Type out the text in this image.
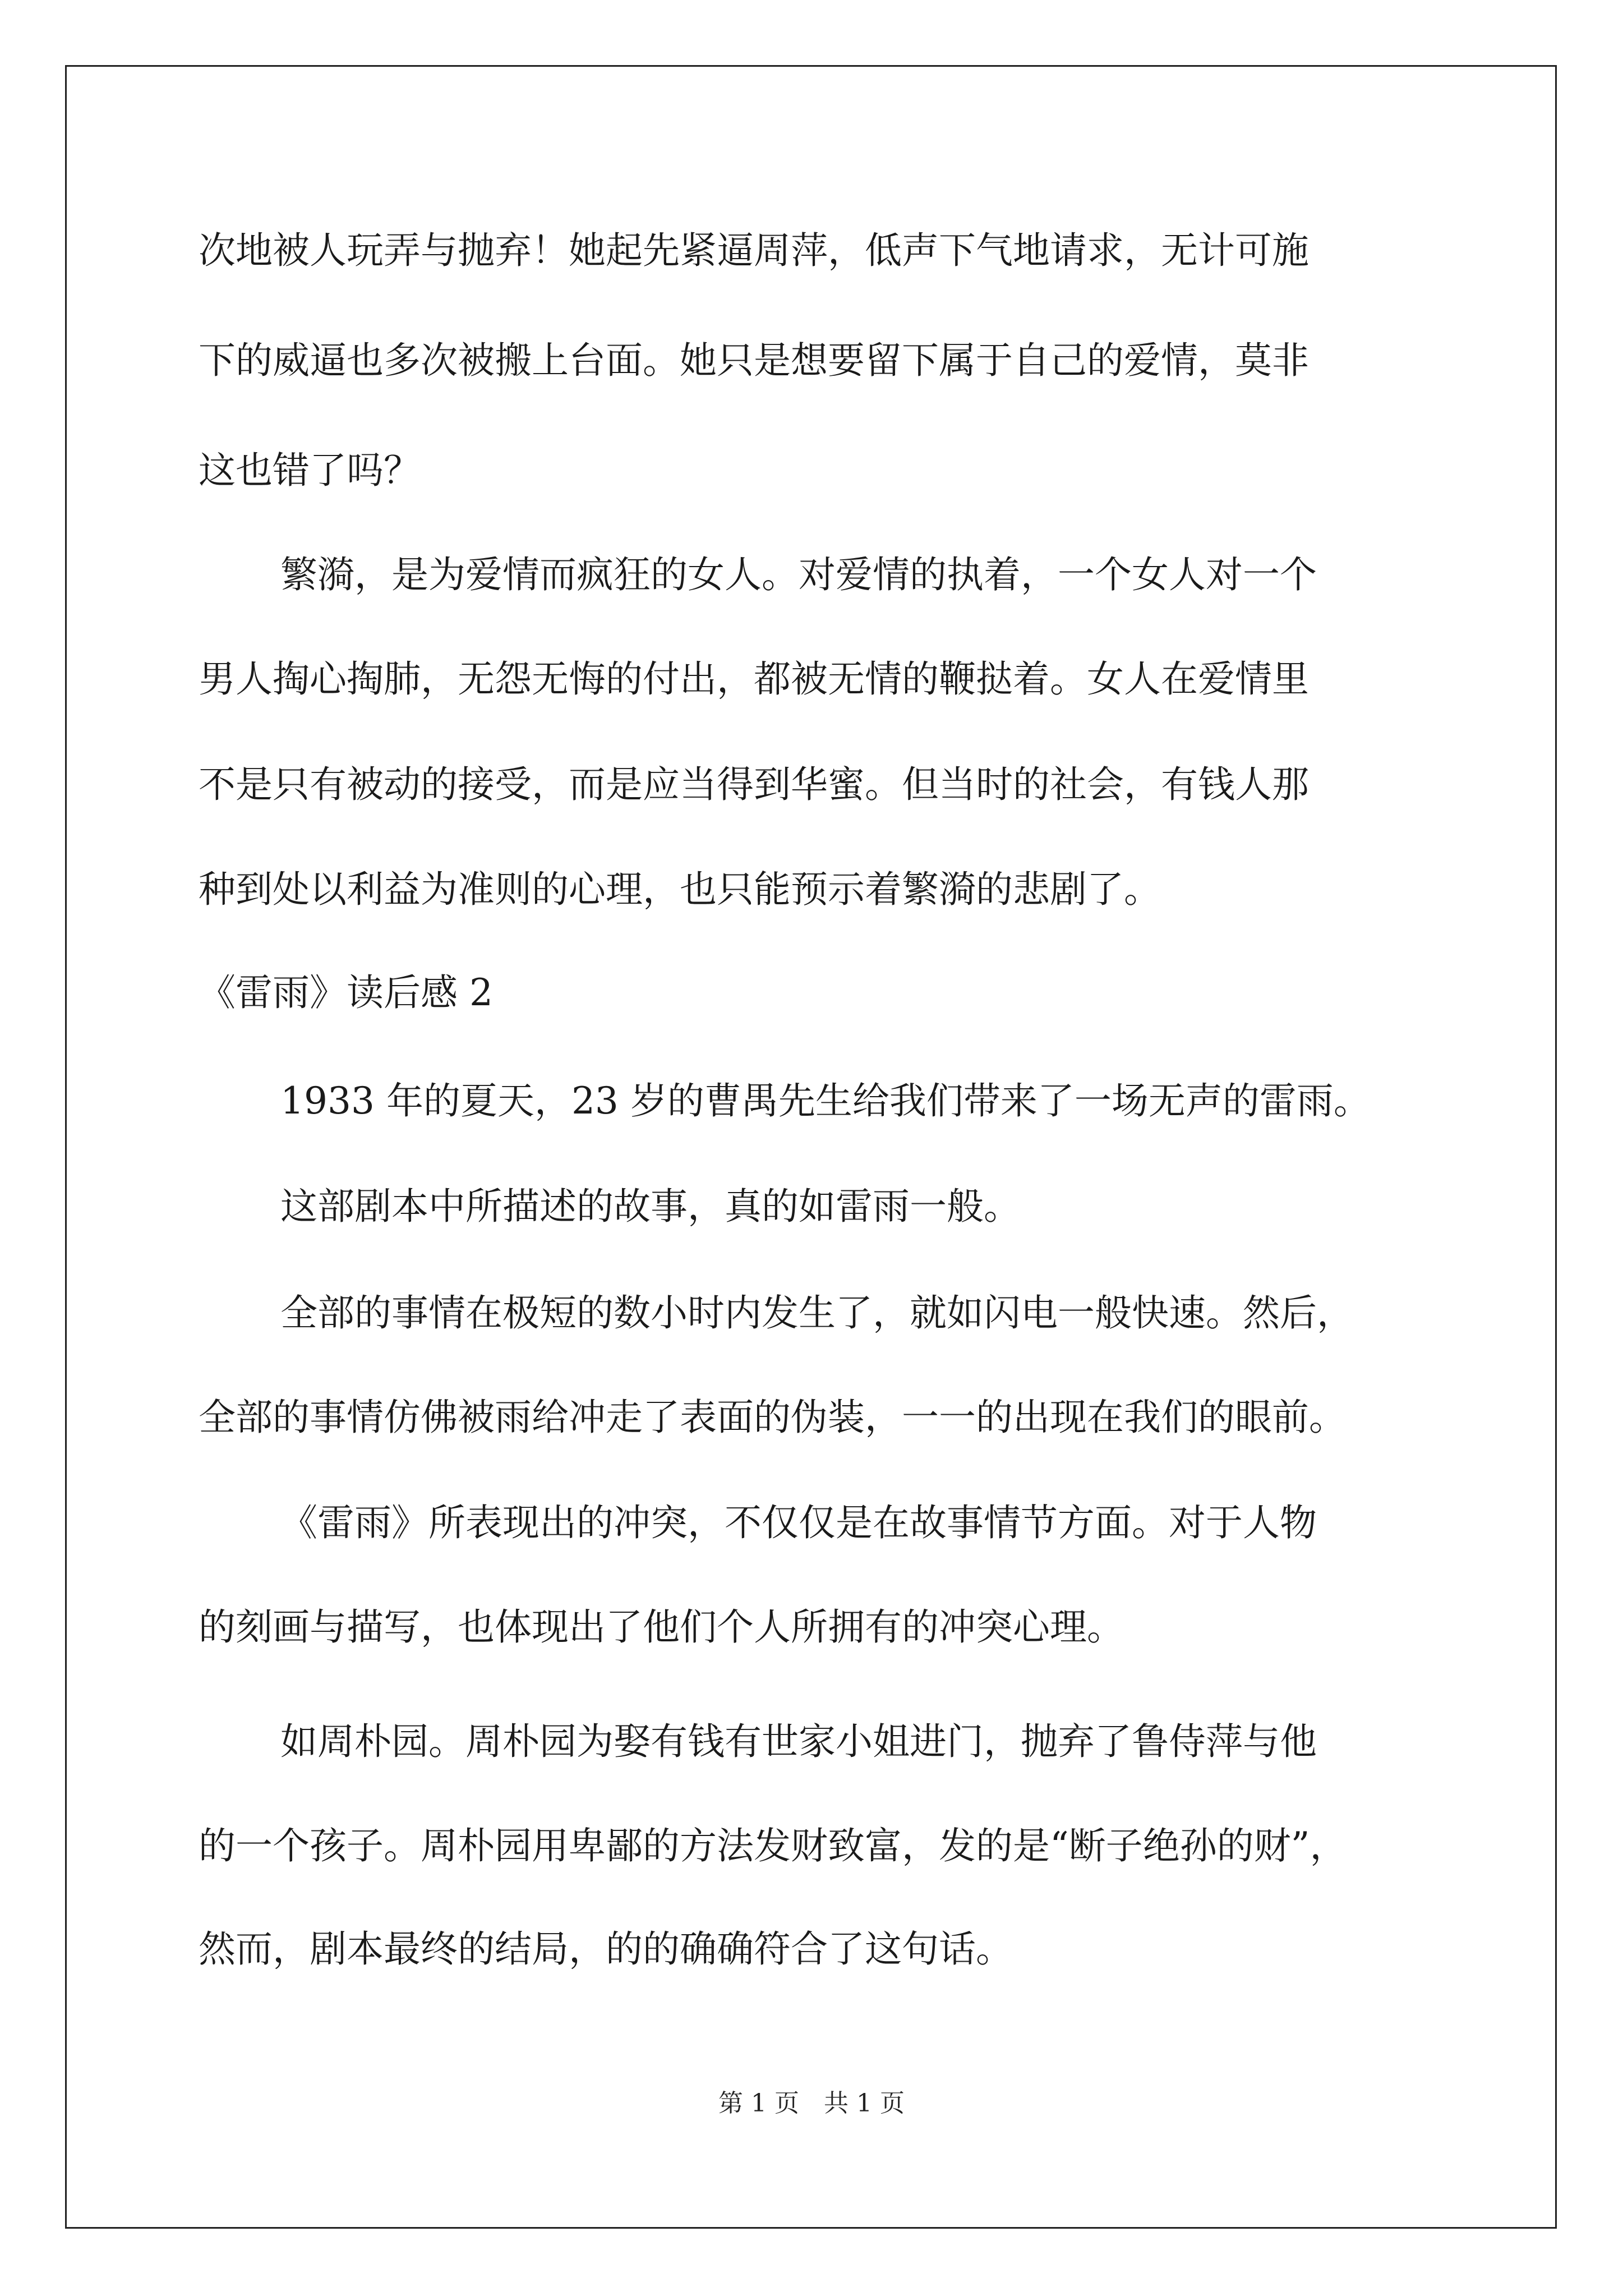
次地被人玩弄与抛弃！她起先紧逼周萍，低声下气地请求，无计可施
下的威逼也多次被搬上台面。她只是想要留下属于自己的爱情，莫非
这也错了吗？
繁漪，是为爱情而疯狂的女人。对爱情的执着，一个女人对一个
男人掏心掏肺，无怨无悔的付出，都被无情的鞭挞着。女人在爱情里
不是只有被动的接受，而是应当得到华蜜。但当时的社会，有钱人那
种到处以利益为准则的心理，也只能预示着繁漪的悲剧了。
《雷雨》读后感 2
1933 年的夏天，23 岁的曹禺先生给我们带来了一场无声的雷雨。
这部剧本中所描述的故事，真的如雷雨一般。
全部的事情在极短的数小时内发生了，就如闪电一般快速。然后，
全部的事情仿佛被雨给冲走了表面的伪装，一一的出现在我们的眼前。
《雷雨》所表现出的冲突，不仅仅是在故事情节方面。对于人物
的刻画与描写，也体现出了他们个人所拥有的冲突心理。
如周朴园。周朴园为娶有钱有世家小姐进门，抛弃了鲁侍萍与他
的一个孩子。周朴园用卑鄙的方法发财致富，发的是“断子绝孙的财”，
然而，剧本最终的结局，的的确确符合了这句话。
第 1 页　共 1 页
